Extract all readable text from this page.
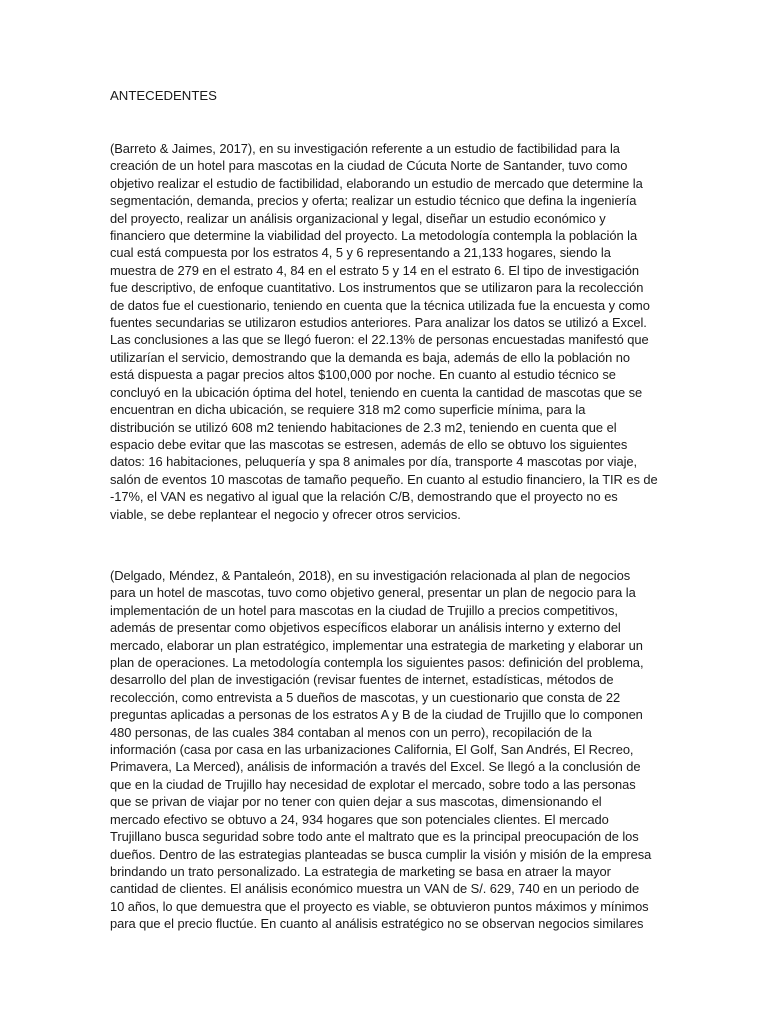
ANTECEDENTES

(Barreto & Jaimes, 2017), en su investigación referente a un estudio de factibilidad para la
creación de un hotel para mascotas en la ciudad de Cúcuta Norte de Santander, tuvo como
objetivo realizar el estudio de factibilidad, elaborando un estudio de mercado que determine la
segmentación, demanda, precios y oferta; realizar un estudio técnico que defina la ingeniería
del proyecto, realizar un análisis organizacional y legal, diseñar un estudio económico y
financiero que determine la viabilidad del proyecto. La metodología contempla la población la
cual está compuesta por los estratos 4, 5 y 6 representando a 21,133 hogares, siendo la
muestra de 279 en el estrato 4, 84 en el estrato 5 y 14 en el estrato 6. El tipo de investigación
fue descriptivo, de enfoque cuantitativo. Los instrumentos que se utilizaron para la recolección
de datos fue el cuestionario, teniendo en cuenta que la técnica utilizada fue la encuesta y como
fuentes secundarias se utilizaron estudios anteriores. Para analizar los datos se utilizó a Excel.
Las conclusiones a las que se llegó fueron: el 22.13% de personas encuestadas manifestó que
utilizarían el servicio, demostrando que la demanda es baja, además de ello la población no
está dispuesta a pagar precios altos $100,000 por noche. En cuanto al estudio técnico se
concluyó en la ubicación óptima del hotel, teniendo en cuenta la cantidad de mascotas que se
encuentran en dicha ubicación, se requiere 318 m2 como superficie mínima, para la
distribución se utilizó 608 m2 teniendo habitaciones de 2.3 m2, teniendo en cuenta que el
espacio debe evitar que las mascotas se estresen, además de ello se obtuvo los siguientes
datos: 16 habitaciones, peluquería y spa 8 animales por día, transporte 4 mascotas por viaje,
salón de eventos 10 mascotas de tamaño pequeño. En cuanto al estudio financiero, la TIR es de
-17%, el VAN es negativo al igual que la relación C/B, demostrando que el proyecto no es
viable, se debe replantear el negocio y ofrecer otros servicios.

(Delgado, Méndez, & Pantaleón, 2018), en su investigación relacionada al plan de negocios
para un hotel de mascotas, tuvo como objetivo general, presentar un plan de negocio para la
implementación de un hotel para mascotas en la ciudad de Trujillo a precios competitivos,
además de presentar como objetivos específicos elaborar un análisis interno y externo del
mercado, elaborar un plan estratégico, implementar una estrategia de marketing y elaborar un
plan de operaciones. La metodología contempla los siguientes pasos: definición del problema,
desarrollo del plan de investigación (revisar fuentes de internet, estadísticas, métodos de
recolección, como entrevista a 5 dueños de mascotas, y un cuestionario que consta de 22
preguntas aplicadas a personas de los estratos A y B de la ciudad de Trujillo que lo componen
480 personas, de las cuales 384 contaban al menos con un perro), recopilación de la
información (casa por casa en las urbanizaciones California, El Golf, San Andrés, El Recreo,
Primavera, La Merced), análisis de información a través del Excel. Se llegó a la conclusión de
que en la ciudad de Trujillo hay necesidad de explotar el mercado, sobre todo a las personas
que se privan de viajar por no tener con quien dejar a sus mascotas, dimensionando el
mercado efectivo se obtuvo a 24, 934 hogares que son potenciales clientes. El mercado
Trujillano busca seguridad sobre todo ante el maltrato que es la principal preocupación de los
dueños. Dentro de las estrategias planteadas se busca cumplir la visión y misión de la empresa
brindando un trato personalizado. La estrategia de marketing se basa en atraer la mayor
cantidad de clientes. El análisis económico muestra un VAN de S/. 629, 740 en un periodo de
10 años, lo que demuestra que el proyecto es viable, se obtuvieron puntos máximos y mínimos
para que el precio fluctúe. En cuanto al análisis estratégico no se observan negocios similares
